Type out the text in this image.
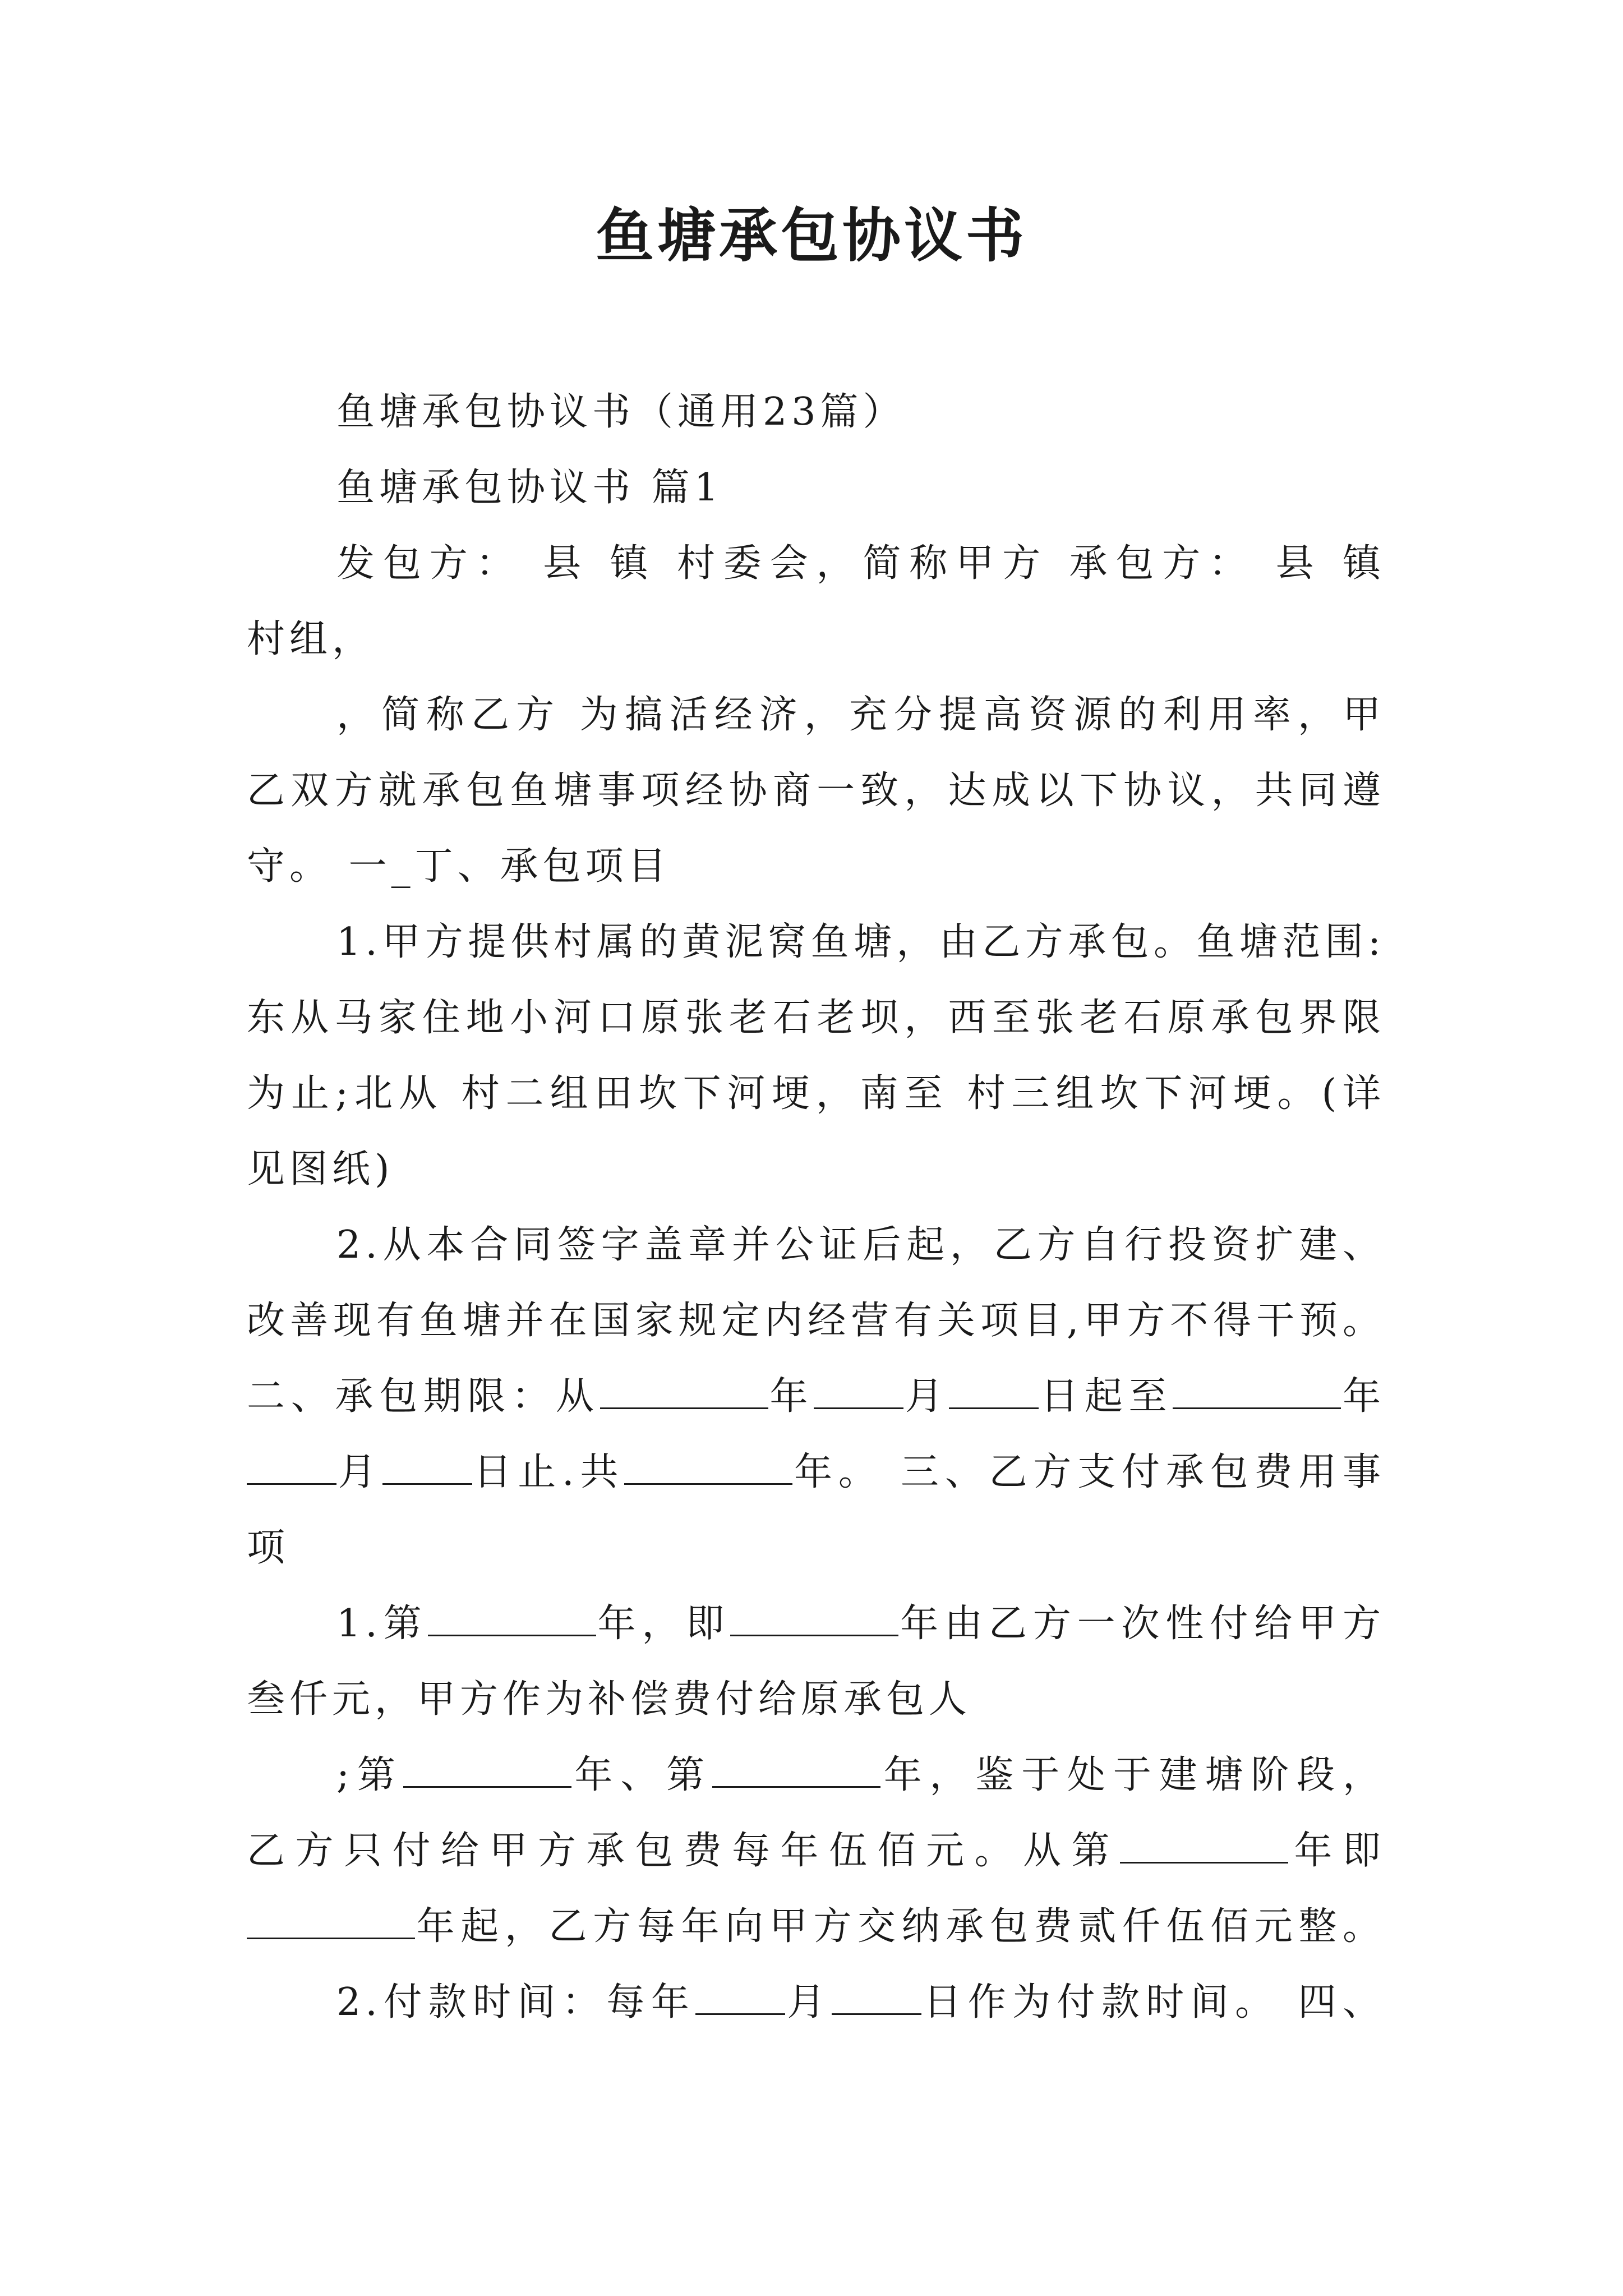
鱼塘承包协议书
鱼塘承包协议书（通用23篇）
鱼塘承包协议书 篇1
发包方： 县 镇 村委会，简称甲方 承包方： 县 镇
村组，
，简称乙方 为搞活经济，充分提高资源的利用率，甲
乙双方就承包鱼塘事项经协商一致，达成以下协议，共同遵
守。 一_丁、承包项目
1.甲方提供村属的黄泥窝鱼塘，由乙方承包。鱼塘范围:
东从马家住地小河口原张老石老坝，西至张老石原承包界限
为止;北从 村二组田坎下河埂，南至 村三组坎下河埂。(详
见图纸)
2.从本合同签字盖章并公证后起，乙方自行投资扩建、
改善现有鱼塘并在国家规定内经营有关项目,甲方不得干预。
二、承包期限：从	年 月 日起至	年
月 日止.共	年。 三、乙方支付承包费用事
项
1.第	年，即	年由乙方一次性付给甲方
叁仟元，甲方作为补偿费付给原承包人
;第	年、第	年，鉴于处于建塘阶段，
乙方只付给甲方承包费每年伍佰元。从第	年即
年起，乙方每年向甲方交纳承包费贰仟伍佰元整。
2.付款时间：每年 月 日作为付款时间。 四、
